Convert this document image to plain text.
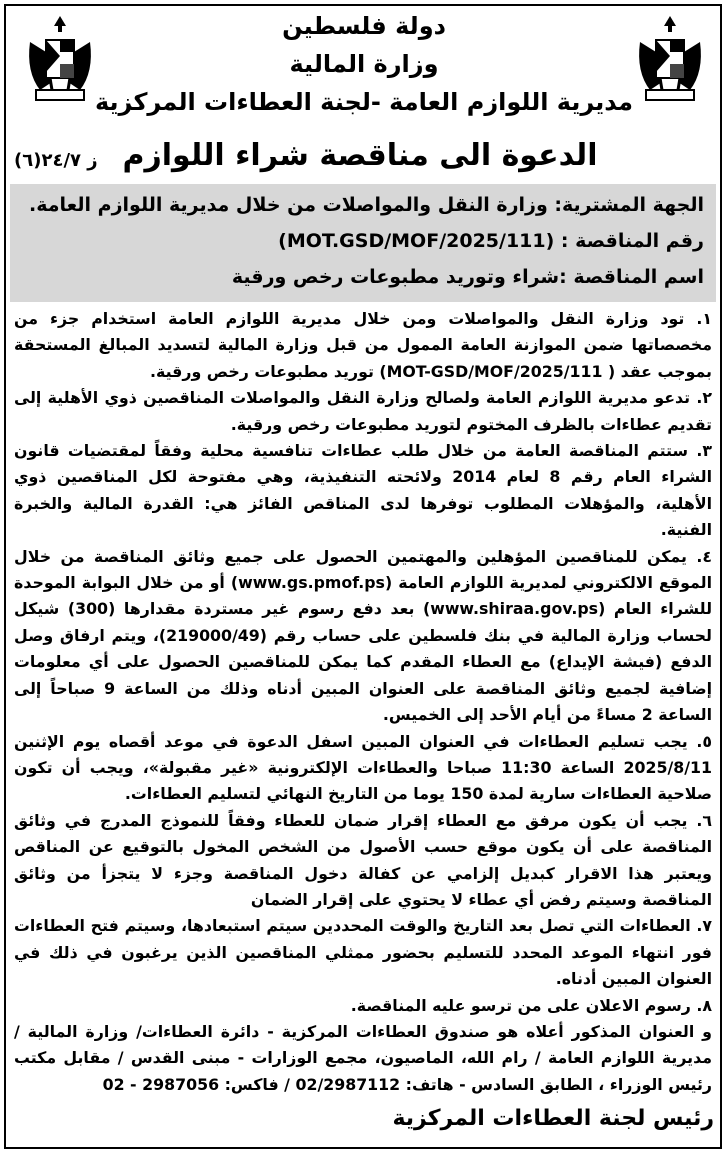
دولة فلسطين
وزارة المالية
مديرية اللوازم العامة -لجنة العطاءات المركزية
الدعوة الى مناقصة شراء اللوازم
ز ٢٤/٧(٦)
الجهة المشترية: وزارة النقل والمواصلات من خلال مديرية اللوازم العامة.
رقم المناقصة : (MOT.GSD/MOF/2025/111)
اسم المناقصة :شراء وتوريد مطبوعات رخص ورقية

١. تود وزارة النقل والمواصلات ومن خلال مديرية اللوازم العامة استخدام جزء من مخصصاتها ضمن الموازنة العامة الممول من قبل وزارة المالية لتسديد المبالغ المستحقة بموجب عقد ( MOT-GSD/MOF/2025/111) توريد مطبوعات رخص ورقية.

٢. تدعو مديرية اللوازم العامة ولصالح وزارة النقل والمواصلات المناقصين ذوي الأهلية إلى تقديم عطاءات بالظرف المختوم لتوريد مطبوعات رخص ورقية.

٣. ستتم المناقصة العامة من خلال طلب عطاءات تنافسية محلية وفقاً لمقتضيات قانون الشراء العام رقم 8 لعام 2014 ولائحته التنفيذية، وهي مفتوحة لكل المناقصين ذوي الأهلية، والمؤهلات المطلوب توفرها لدى المناقص الفائز هي: القدرة المالية والخبرة الفنية.

٤. يمكن للمناقصين المؤهلين والمهتمين الحصول على جميع وثائق المناقصة من خلال الموقع الالكتروني لمديرية اللوازم العامة (www.gs.pmof.ps) أو من خلال البوابة الموحدة للشراء العام (www.shiraa.gov.ps) بعد دفع رسوم غير مستردة مقدارها (300) شيكل لحساب وزارة المالية في بنك فلسطين على حساب رقم (219000/49)، ويتم ارفاق وصل الدفع (فيشة الإيداع) مع العطاء المقدم كما يمكن للمناقصين الحصول على أي معلومات إضافية لجميع وثائق المناقصة على العنوان المبين أدناه وذلك من الساعة 9 صباحاً إلى الساعة 2 مساءً من أيام الأحد إلى الخميس.

٥. يجب تسليم العطاءات في العنوان المبين اسفل الدعوة في موعد أقصاه يوم الإثنين 2025/8/11 الساعة 11:30 صباحا والعطاءات الإلكترونية «غير مقبولة»، ويجب أن تكون صلاحية العطاءات سارية لمدة 150 يوما من التاريخ النهائي لتسليم العطاءات.

٦. يجب أن يكون مرفق مع العطاء إقرار ضمان للعطاء وفقاً للنموذج المدرج في وثائق المناقصة على أن يكون موقع حسب الأصول من الشخص المخول بالتوقيع عن المناقص ويعتبر هذا الاقرار كبديل إلزامي عن كفالة دخول المناقصة وجزء لا يتجزأ من وثائق المناقصة وسيتم رفض أي عطاء لا يحتوي على إقرار الضمان

٧. العطاءات التي تصل بعد التاريخ والوقت المحددين سيتم استبعادها، وسيتم فتح العطاءات فور انتهاء الموعد المحدد للتسليم بحضور ممثلي المناقصين الذين يرغبون في ذلك في العنوان المبين أدناه.

٨. رسوم الاعلان على من ترسو عليه المناقصة.

و العنوان المذكور أعلاه هو صندوق العطاءات المركزية - دائرة العطاءات/ وزارة المالية / مديرية اللوازم العامة / رام الله، الماصيون، مجمع الوزارات - مبنى القدس / مقابل مكتب رئيس الوزراء ، الطابق السادس - هاتف: 02/2987112 / فاكس: 2987056 - 02

رئيس لجنة العطاءات المركزية
